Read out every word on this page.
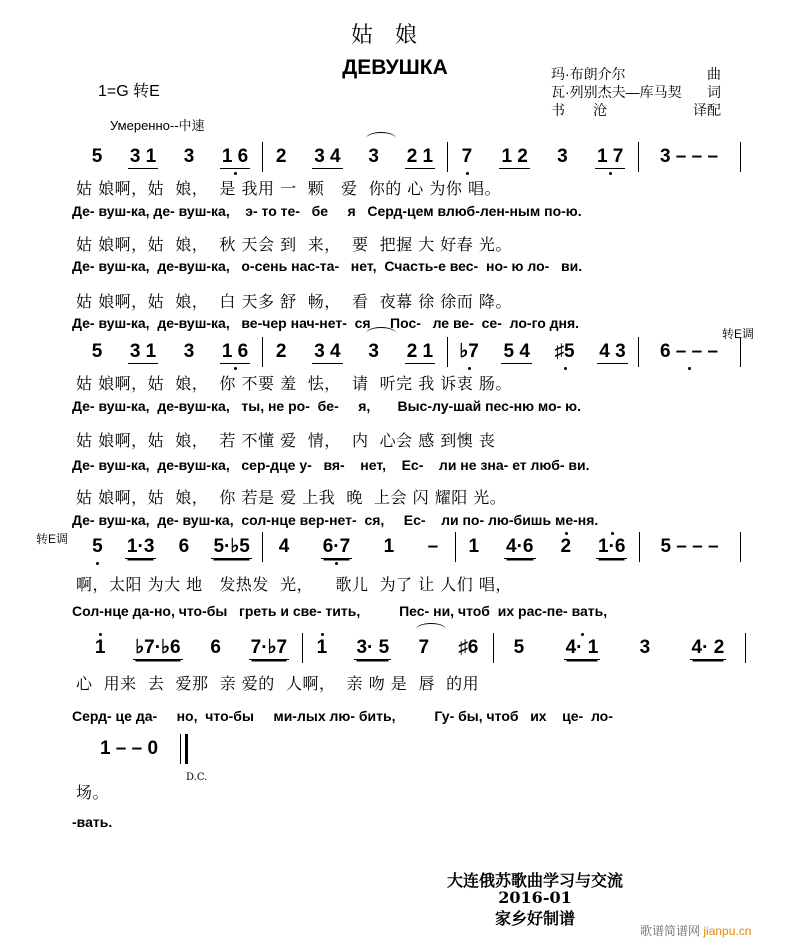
姑娘
ДЕВУШКА
1=G 转E
Умеренно--中速
玛·布朗介尔	曲
瓦·列别杰夫—库马契 词
书　　沧	译配
5 3 1 3 1 6 2 3 4 3 2 1 7 1 2 3 1 7 3 – – –
5 3 1 3 1 6 2 3 4 3 2 1 ♭7 5 4 ♯5 4 3 6 – – –
5 1·3 6 5·♭5 4 6·7 1 – 1 4·6 2 1·6 5 – – –
1 ♭7·♭6 6 7·♭7 1 3· 5 7 ♯6 5 4· 1 3 4· 2
1 – – 0
转E调
转E调
D.C.
姑 娘啊，姑  娘，  是 我用 一  颗   爱  你的 心 为你 唱。
Де- вуш-ка, де- вуш-ка,    э- то те-   бе     я   Серд-цем влюб-лен-ным по-ю.
姑 娘啊，姑  娘，  秋 天会 到  来，  要  把握 大 好春 光。
Де- вуш-ка,  де-вуш-ка,   о-сень нас-та-   нет,  Счасть-е вес-  но- ю ло-   ви.
姑 娘啊，姑  娘，  白 天多 舒  畅，  看  夜幕 徐 徐而 降。
Де- вуш-ка,  де-вуш-ка,   ве-чер нач-нет-  ся     Пос-   ле ве-  се-  ло-го дня.
姑 娘啊，姑  娘，  你 不要 羞  怯，  请  听完 我 诉衷 肠。
Де- вуш-ка,  де-вуш-ка,   ты, не ро-  бе-     я,       Выс-лу-шай пес-ню мо- ю.
姑 娘啊，姑  娘，  若 不懂 爱  情，  内  心会 感 到懊 丧
Де- вуш-ка,  де-вуш-ка,   сер-дце у-   вя-    нет,    Ес-    ли не зна- ет люб- ви.
姑 娘啊，姑  娘，  你 若是 爱 上我  晚  上会 闪 耀阳 光。
Де- вуш-ка,  де- вуш-ка,  сол-нце вер-нет-  ся,     Ес-    ли по- лю-бишь ме-ня.
啊，太阳 为大 地   发热发  光，    歌儿  为了 让 人们 唱，
Сол-нце да-но, что-бы   греть и све- тить,          Пес- ни, чтоб  их рас-пе- вать,
心  用来  去  爱那  亲 爱的  人啊，  亲 吻 是  唇  的用
Серд- це да-     но,  что-бы     ми-лых лю- бить,          Гу- бы, чтоб   их    це-  ло-
场。
-вать.
大连俄苏歌曲学习与交流
2016-01
家乡好制谱
歌谱简谱网 jianpu.cn
